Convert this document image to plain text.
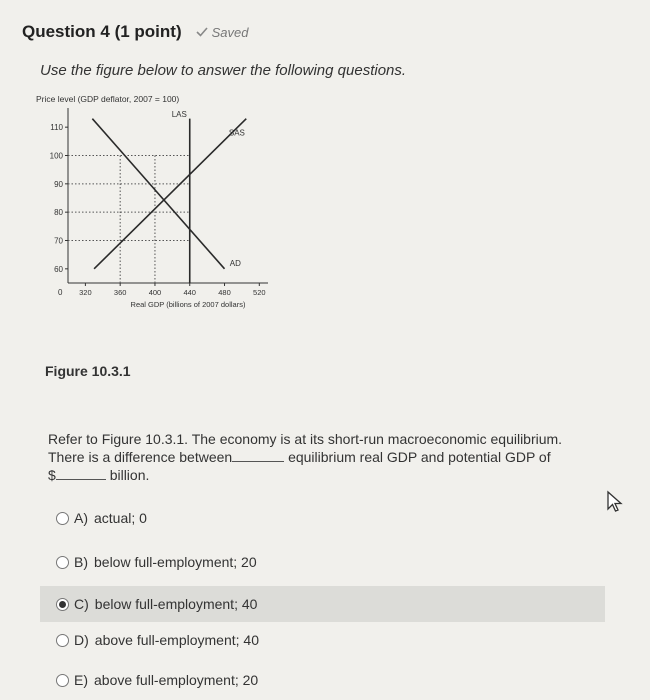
Question 4 (1 point) Saved
Use the figure below to answer the following questions.
Price level (GDP deflator, 2007 = 100)
110
100
90
80
70
60
0 320	360	400	440	480	520
Real GDP (billions of 2007 dollars)
LAS
SAS
AD
Figure 10.3.1
Refer to Figure 10.3.1. The economy is at its short-run macroeconomic equilibrium.
There is a difference between	equilibrium real GDP and potential GDP of
$	billion.
A) actual; 0
B) below full-employment; 20
C) below full-employment; 40
D) above full-employment; 40
E) above full-employment; 20
